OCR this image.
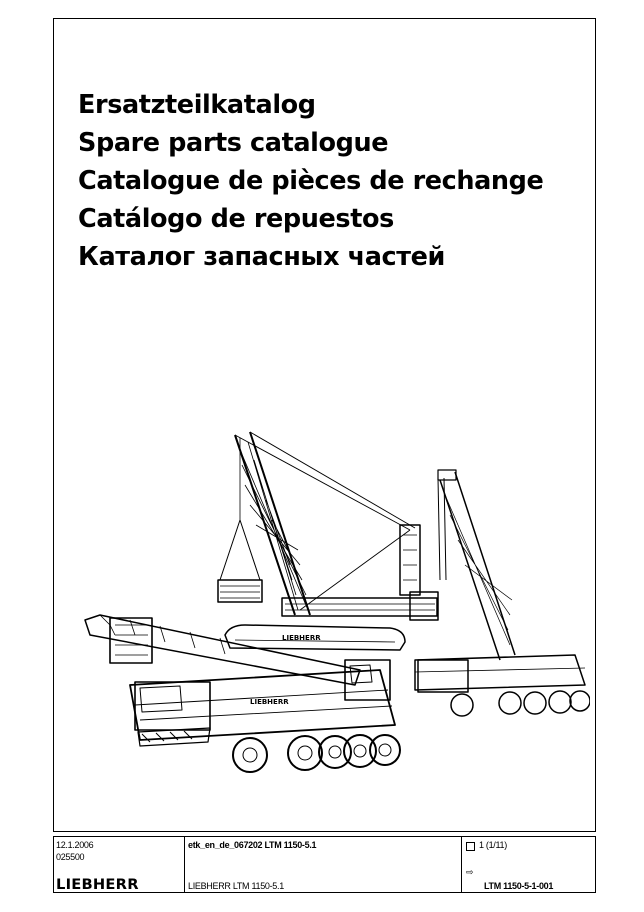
Ersatzteilkatalog
Spare parts catalogue
Catalogue de pièces de rechange
Catálogo de repuestos
Каталог запасных частей
LIEBHERR
LIEBHERR
12.1.2006
025500
LIEBHERR
etk_en_de_067202 LTM 1150-5.1
LIEBHERR LTM 1150-5.1
1 (1/11)
⇨
LTM 1150-5-1-001
